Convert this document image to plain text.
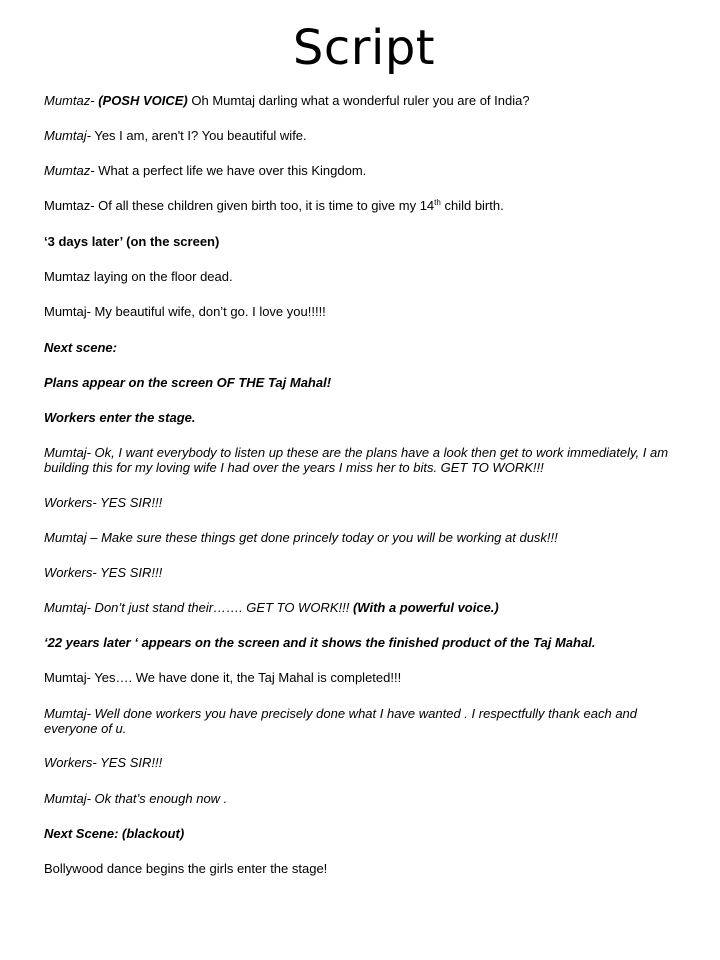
Script
Mumtaz- (POSH VOICE) Oh Mumtaj darling what a wonderful ruler you are of India?
Mumtaj- Yes I am, aren't I? You beautiful wife.
Mumtaz- What a perfect life we have over this Kingdom.
Mumtaz- Of all these children given birth too, it is time to give my 14th child birth.
‘3 days later’ (on the screen)
Mumtaz laying on the floor dead.
Mumtaj- My beautiful wife, don’t go. I love you!!!!!
Next scene:
Plans appear on the screen OF THE Taj Mahal!
Workers enter the stage.
Mumtaj- Ok, I want everybody to listen up these are the plans have a look then get to work immediately, I am building this for my loving wife I had over the years I miss her to bits. GET TO WORK!!!
Workers- YES SIR!!!
Mumtaj – Make sure these things get done princely today or you will be working at dusk!!!
Workers- YES SIR!!!
Mumtaj- Don’t just stand their……. GET TO WORK!!! (With a powerful voice.)
‘22 years later ‘ appears on the screen and it shows the finished product of the Taj Mahal.
Mumtaj- Yes…. We have done it, the Taj Mahal is completed!!!
Mumtaj- Well done workers you have precisely done what I have wanted . I respectfully thank each and everyone of u.
Workers- YES SIR!!!
Mumtaj- Ok that’s enough now .
Next Scene: (blackout)
Bollywood dance begins the girls enter the stage!
